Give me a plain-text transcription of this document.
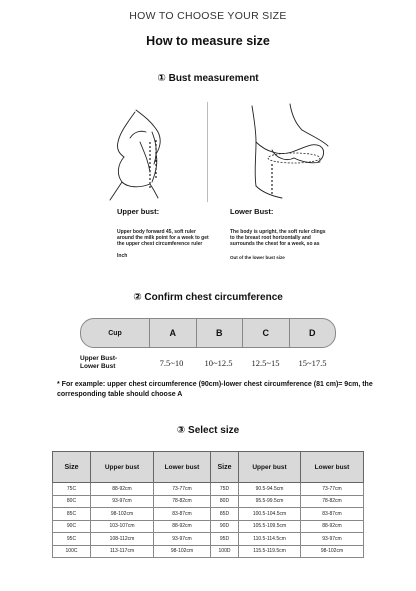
HOW TO CHOOSE YOUR SIZE
How to measure size
① Bust measurement
Upper bust:
Upper body forward 45, soft ruler
around the milk point for a week to get
the upper chest circumference ruler
Inch
Lower Bust:
The body is upright, the soft ruler clings
to the breast root horizontally and
surrounds the chest for a week, so as
Out of the lower bust size
② Confirm chest circumference
Cup	A	B	C	D
Upper Bust-
Lower Bust	7.5~10	10~12.5	12.5~15	15~17.5
* For example: upper chest circumference (90cm)-lower chest circumference (81 cm)= 9cm, the corresponding table should choose A
③ Select size
Size	Upper bust	Lower bust	Size	Upper bust	Lower bust
75C	88-92cm	73-77cm	75D	90.5-94.5cm	73-77cm
80C	93-97cm	78-82cm	80D	95.5-99.5cm	78-82cm
85C	98-102cm	83-87cm	85D	100.5-104.5cm	83-87cm
90C	103-107cm	88-92cm	90D	105.5-109.5cm	88-92cm
95C	108-112cm	93-97cm	95D	110.5-114.5cm	93-97cm
100C	113-117cm	98-102cm	100D	115.5-119.5cm	98-102cm
